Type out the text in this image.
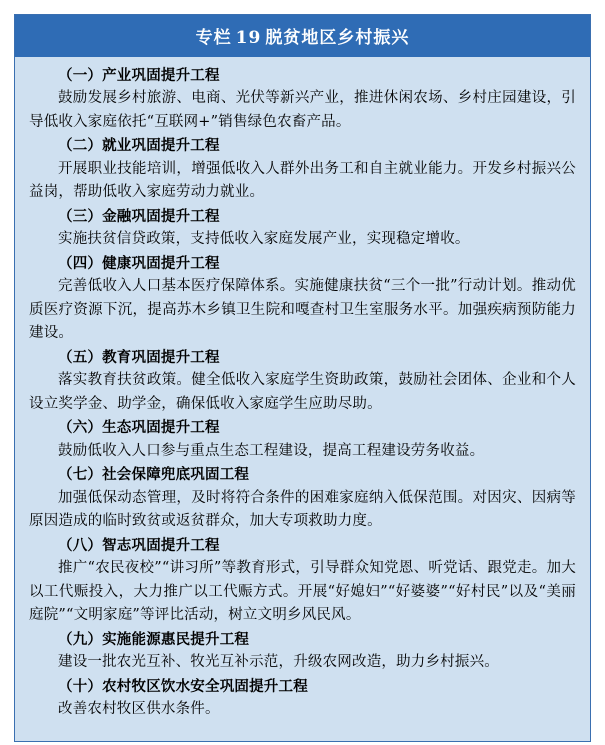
专栏 19 脱贫地区乡村振兴

（一）产业巩固提升工程

鼓励发展乡村旅游、电商、光伏等新兴产业，推进休闲农场、乡村庄园建设，引导低收入家庭依托“互联网+”销售绿色农畜产品。

（二）就业巩固提升工程

开展职业技能培训，增强低收入人群外出务工和自主就业能力。开发乡村振兴公益岗，帮助低收入家庭劳动力就业。

（三）金融巩固提升工程

实施扶贫信贷政策，支持低收入家庭发展产业，实现稳定增收。

（四）健康巩固提升工程

完善低收入人口基本医疗保障体系。实施健康扶贫“三个一批”行动计划。推动优质医疗资源下沉，提高苏木乡镇卫生院和嘎查村卫生室服务水平。加强疾病预防能力建设。

（五）教育巩固提升工程

落实教育扶贫政策。健全低收入家庭学生资助政策，鼓励社会团体、企业和个人设立奖学金、助学金，确保低收入家庭学生应助尽助。

（六）生态巩固提升工程

鼓励低收入人口参与重点生态工程建设，提高工程建设劳务收益。

（七）社会保障兜底巩固工程

加强低保动态管理，及时将符合条件的困难家庭纳入低保范围。对因灾、因病等原因造成的临时致贫或返贫群众，加大专项救助力度。

（八）智志巩固提升工程

推广“农民夜校”“讲习所”等教育形式，引导群众知党恩、听党话、跟党走。加大以工代赈投入，大力推广以工代赈方式。开展“好媳妇”“好婆婆”“好村民”以及“美丽庭院”“文明家庭”等评比活动，树立文明乡风民风。

（九）实施能源惠民提升工程

建设一批农光互补、牧光互补示范，升级农网改造，助力乡村振兴。

（十）农村牧区饮水安全巩固提升工程

改善农村牧区供水条件。
